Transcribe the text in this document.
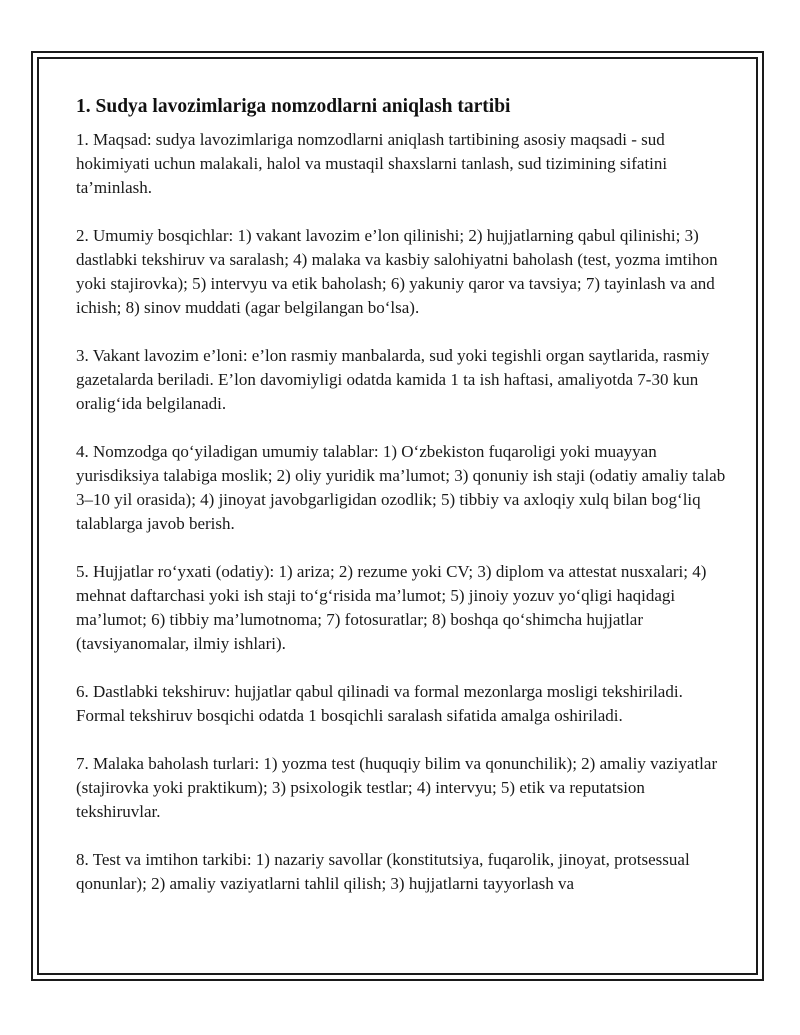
1. Sudya lavozimlariga nomzodlarni aniqlash tartibi

1. Maqsad: sudya lavozimlariga nomzodlarni aniqlash tartibining asosiy maqsadi - sud hokimiyati uchun malakali, halol va mustaqil shaxslarni tanlash, sud tizimining sifatini ta’minlash.

2. Umumiy bosqichlar: 1) vakant lavozim e’lon qilinishi; 2) hujjatlarning qabul qilinishi; 3) dastlabki tekshiruv va saralash; 4) malaka va kasbiy salohiyatni baholash (test, yozma imtihon yoki stajirovka); 5) intervyu va etik baholash; 6) yakuniy qaror va tavsiya; 7) tayinlash va and ichish; 8) sinov muddati (agar belgilangan bo‘lsa).

3. Vakant lavozim e’loni: e’lon rasmiy manbalarda, sud yoki tegishli organ saytlarida, rasmiy gazetalarda beriladi. E’lon davomiyligi odatda kamida 1 ta ish haftasi, amaliyotda 7-30 kun oralig‘ida belgilanadi.

4. Nomzodga qo‘yiladigan umumiy talablar: 1) O‘zbekiston fuqaroligi yoki muayyan yurisdiksiya talabiga moslik; 2) oliy yuridik ma’lumot; 3) qonuniy ish staji (odatiy amaliy talab 3–10 yil orasida); 4) jinoyat javobgarligidan ozodlik; 5) tibbiy va axloqiy xulq bilan bog‘liq talablarga javob berish.

5. Hujjatlar ro‘yxati (odatiy): 1) ariza; 2) rezume yoki CV; 3) diplom va attestat nusxalari; 4) mehnat daftarchasi yoki ish staji to‘g‘risida ma’lumot; 5) jinoiy yozuv yo‘qligi haqidagi ma’lumot; 6) tibbiy ma’lumotnoma; 7) fotosuratlar; 8) boshqa qo‘shimcha hujjatlar (tavsiyanomalar, ilmiy ishlari).

6. Dastlabki tekshiruv: hujjatlar qabul qilinadi va formal mezonlarga mosligi tekshiriladi. Formal tekshiruv bosqichi odatda 1 bosqichli saralash sifatida amalga oshiriladi.

7. Malaka baholash turlari: 1) yozma test (huquqiy bilim va qonunchilik); 2) amaliy vaziyatlar (stajirovka yoki praktikum); 3) psixologik testlar; 4) intervyu; 5) etik va reputatsion tekshiruvlar.

8. Test va imtihon tarkibi: 1) nazariy savollar (konstitutsiya, fuqarolik, jinoyat, protsessual qonunlar); 2) amaliy vaziyatlarni tahlil qilish; 3) hujjatlarni tayyorlash va
